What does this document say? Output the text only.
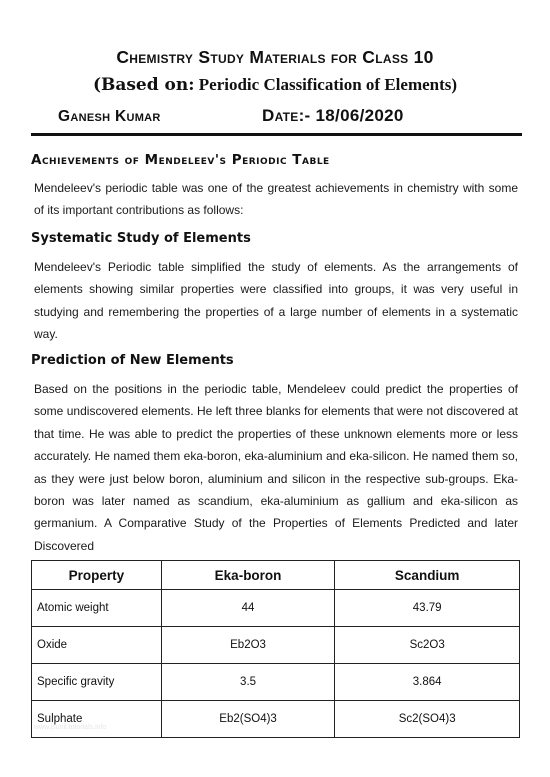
Chemistry Study Materials for Class 10
(Based on: Periodic Classification of Elements)
Ganesh Kumar	Date:- 18/06/2020
Achievements of Mendeleev's Periodic Table

Mendeleev's periodic table was one of the greatest achievements in chemistry with some of its important contributions as follows:

Systematic Study of Elements

Mendeleev's Periodic table simplified the study of elements. As the arrangements of elements showing similar properties were classified into groups, it was very useful in studying and remembering the properties of a large number of elements in a systematic way.

Prediction of New Elements

Based on the positions in the periodic table, Mendeleev could predict the properties of some undiscovered elements. He left three blanks for elements that were not discovered at that time. He was able to predict the properties of these unknown elements more or less accurately. He named them eka-boron, eka-aluminium and eka-silicon. He named them so, as they were just below boron, aluminium and silicon in the respective sub-groups. Eka-boron was later named as scandium, eka-aluminium as gallium and eka-silicon as germanium. A Comparative Study of the Properties of Elements Predicted and later Discovered

Property	Eka-boron	Scandium
Atomic weight	44	43.79
Oxide	Eb2O3	Sc2O3
Specific gravity	3.5	3.864
Sulphate	Eb2(SO4)3	Sc2(SO4)3
www.jsunil.tutorials.info
